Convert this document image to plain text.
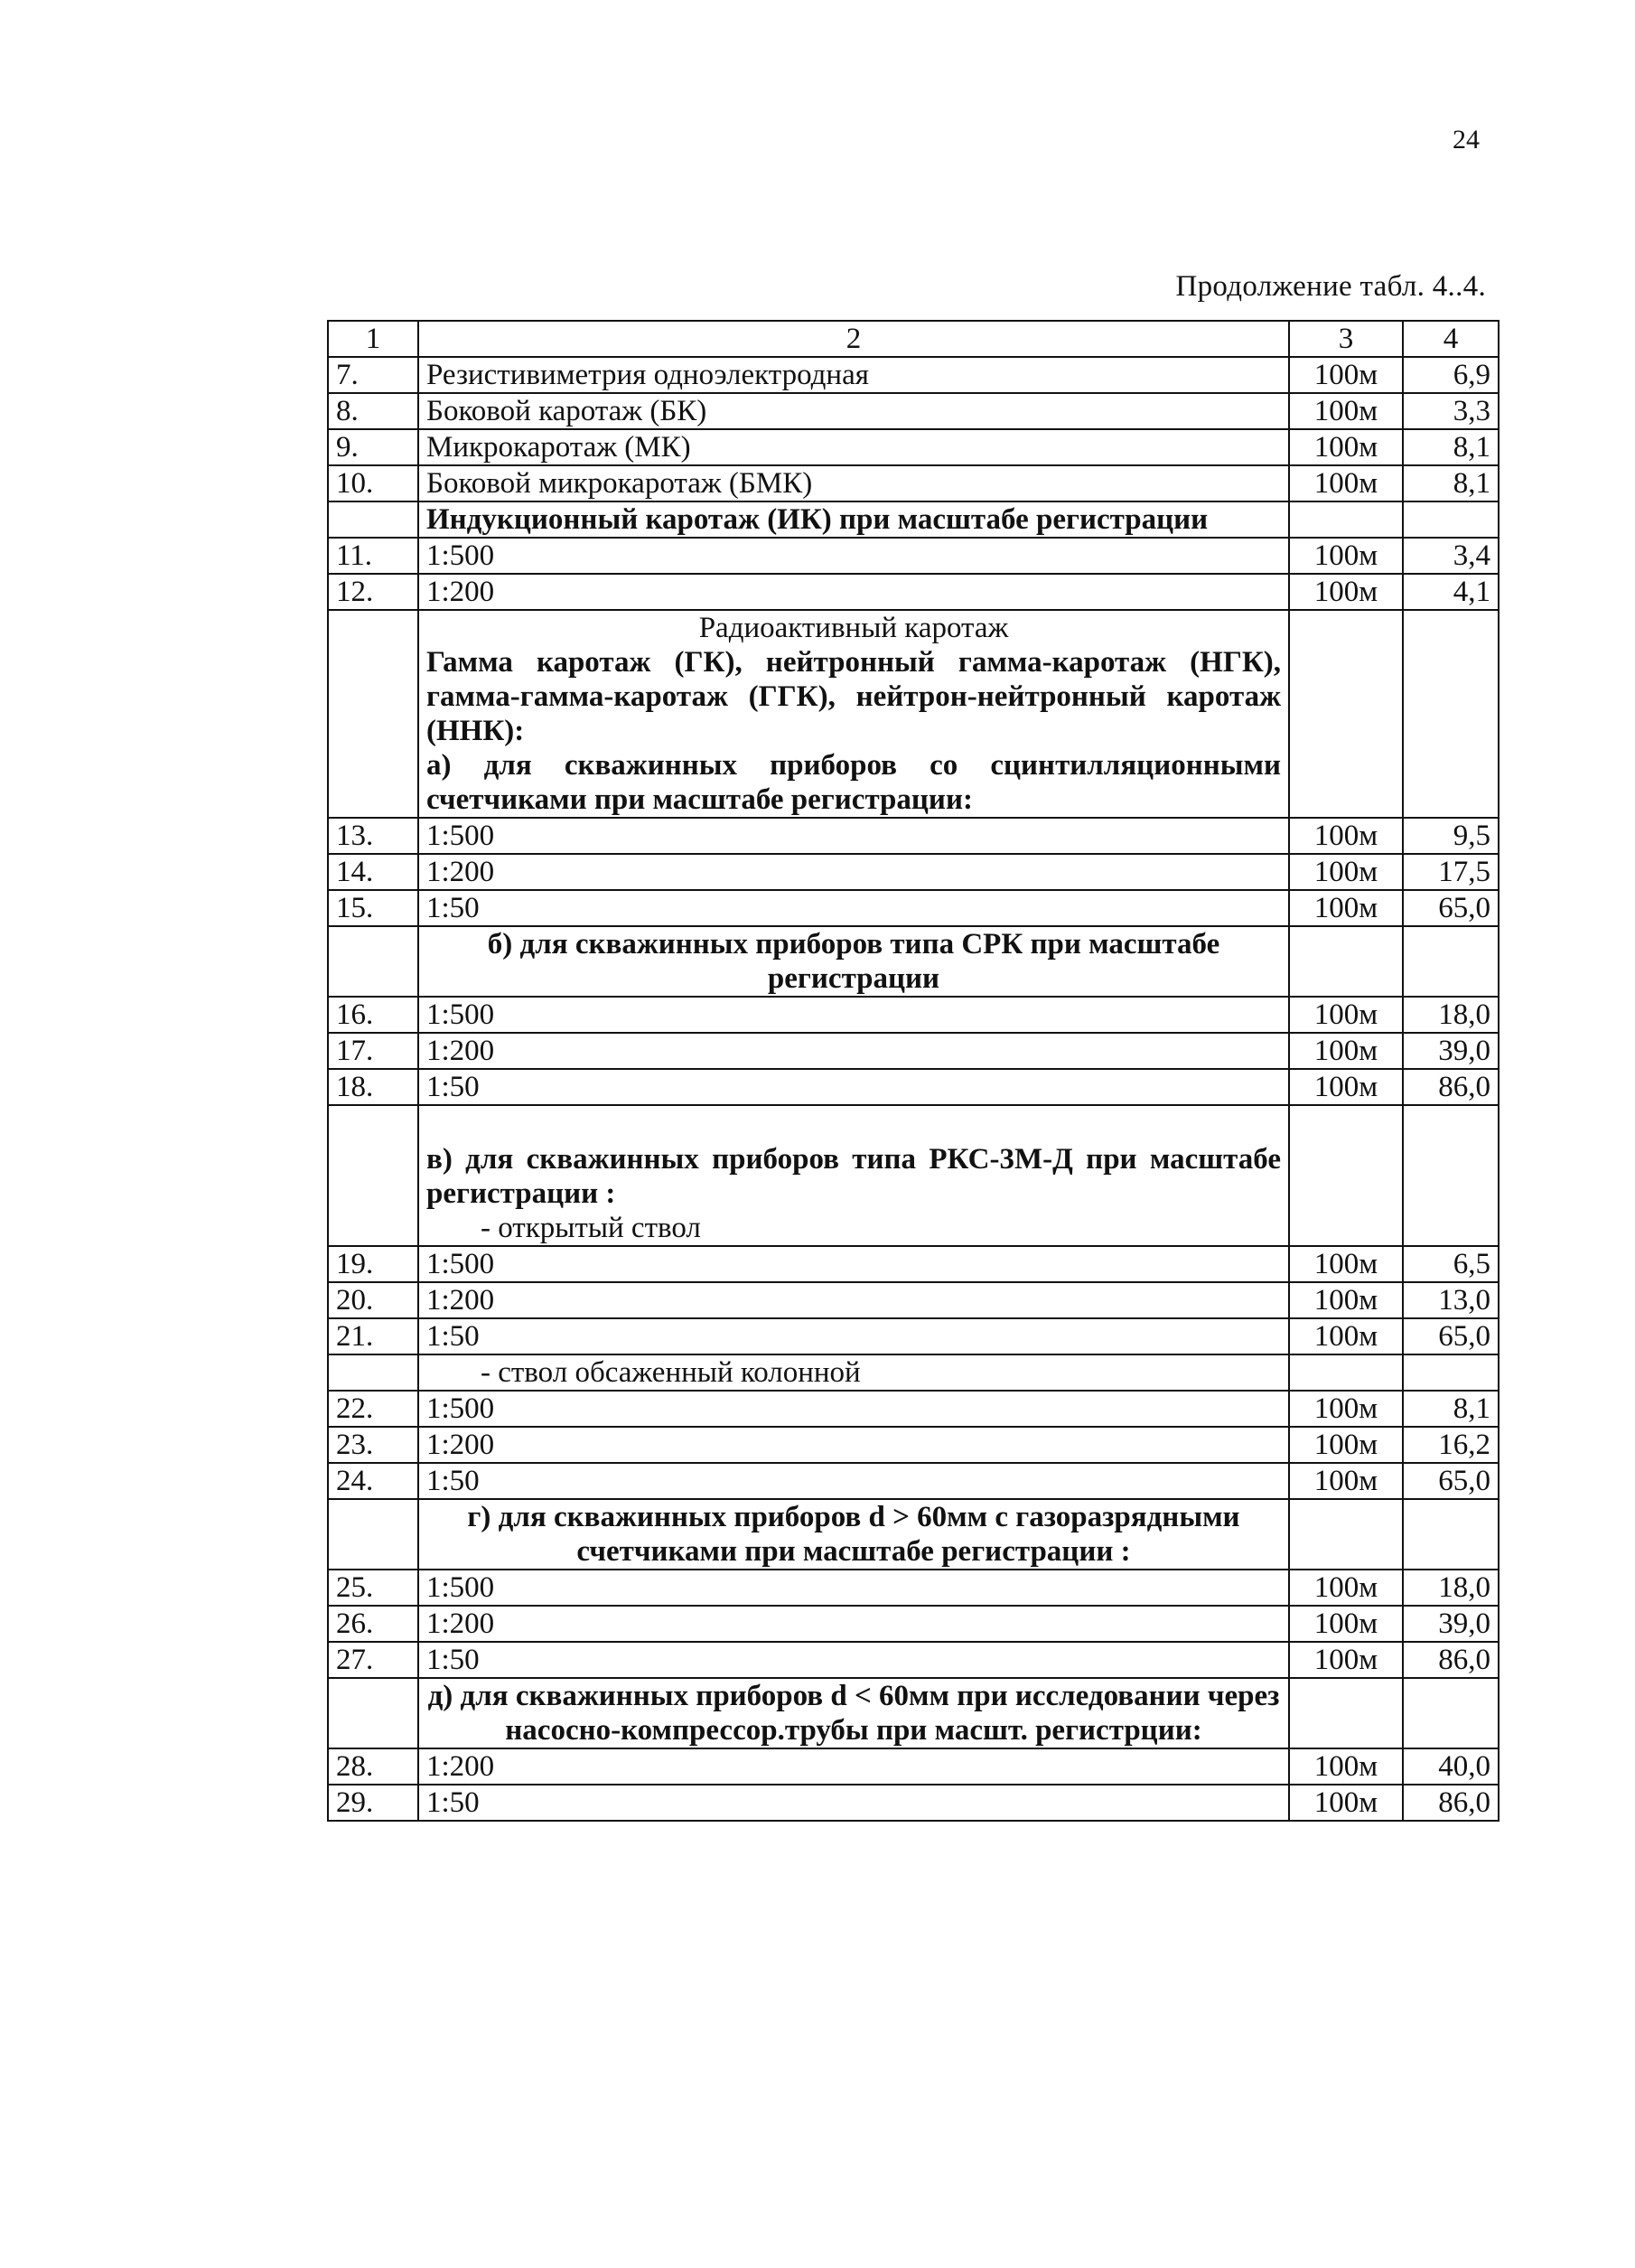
24
Продолжение табл. 4..4.
1	2	3	4
7.	Резистивиметрия одноэлектродная	100м	6,9
8.	Боковой каротаж (БК)	100м	3,3
9.	Микрокаротаж (МК)	100м	8,1
10.	Боковой микрокаротаж (БМК)	100м	8,1
	Индукционный каротаж (ИК) при масштабе регистрации		
11.	1:500	100м	3,4
12.	1:200	100м	4,1

	Радиоактивный каротаж
Гамма каротаж (ГК), нейтронный гамма-каротаж (НГК), гамма-гамма-каротаж (ГГК), нейтрон-нейтронный каротаж (ННК):
а) для скважинных приборов со сцинтилляционными счетчиками при масштабе регистрации:		

13.	1:500	100м	9,5
14.	1:200	100м	17,5
15.	1:50	100м	65,0
	б) для скважинных приборов типа СРК при масштабе регистрации		
16.	1:500	100м	18,0
17.	1:200	100м	39,0
18.	1:50	100м	86,0

	в) для скважинных приборов типа РКС-3М-Д при масштабе регистрации :
- открытый ствол		

19.	1:500	100м	6,5
20.	1:200	100м	13,0
21.	1:50	100м	65,0
	- ствол обсаженный колонной		
22.	1:500	100м	8,1
23.	1:200	100м	16,2
24.	1:50	100м	65,0
	г) для скважинных приборов d > 60мм с газоразрядными счетчиками при масштабе регистрации :		
25.	1:500	100м	18,0
26.	1:200	100м	39,0
27.	1:50	100м	86,0
	д) для скважинных приборов d < 60мм при исследовании через насосно-компрессор.трубы при масшт. регистрции:		
28.	1:200	100м	40,0
29.	1:50	100м	86,0
